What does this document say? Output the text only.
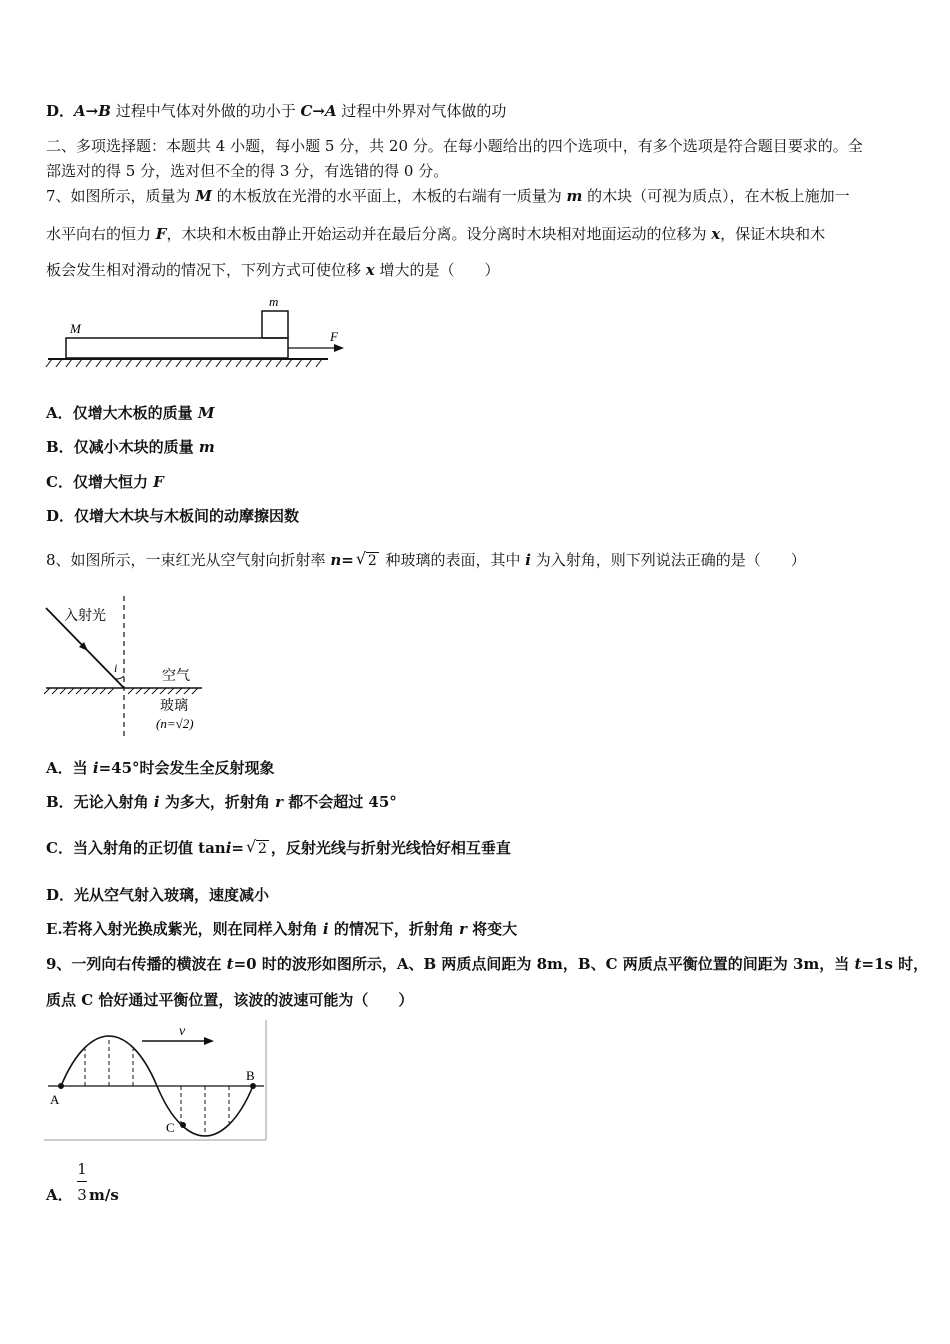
D．A→B 过程中气体对外做的功小于 C→A 过程中外界对气体做的功
二、多项选择题：本题共 4 小题，每小题 5 分，共 20 分。在每小题给出的四个选项中，有多个选项是符合题目要求的。全
部选对的得 5 分，选对但不全的得 3 分，有选错的得 0 分。
7、如图所示，质量为 M 的木板放在光滑的水平面上，木板的右端有一质量为 m 的木块（可视为质点），在木板上施加一
水平向右的恒力 F，木块和木板由静止开始运动并在最后分离。设分离时木块相对地面运动的位移为 x，保证木块和木
板会发生相对滑动的情况下，下列方式可使位移 x 增大的是（　　）
M
m
F
A．仅增大木板的质量 M
B．仅减小木块的质量 m
C．仅增大恒力 F
D．仅增大木块与木板间的动摩擦因数
8、如图所示，一束红光从空气射向折射率 n= √ 2 种玻璃的表面，其中 i 为入射角，则下列说法正确的是（　　）
入射光
i	空气
玻璃
(n=√2)
A．当 i=45°时会发生全反射现象
B．无论入射角 i 为多大，折射角 r 都不会超过 45°
C．当入射角的正切值 tani= √ 2 ，反射光线与折射光线恰好相互垂直
D．光从空气射入玻璃，速度减小
E.若将入射光换成紫光，则在同样入射角 i 的情况下，折射角 r 将变大
9、一列向右传播的横波在 t=0 时的波形如图所示，A、B 两质点间距为 8m，B、C 两质点平衡位置的间距为 3m，当 t=1s 时，
质点 C 恰好通过平衡位置，该波的波速可能为（　　）
v
A
B
C
A．
1
3 m/s
